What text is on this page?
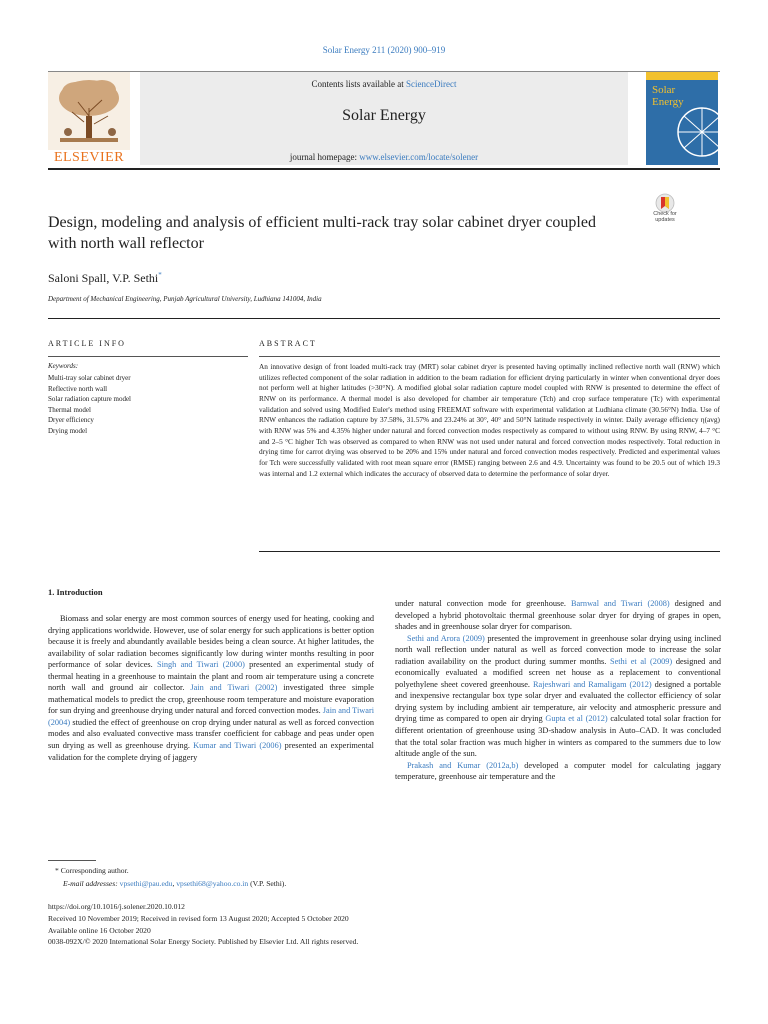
Solar Energy 211 (2020) 900–919
ELSEVIER
Contents lists available at ScienceDirect
Solar Energy
journal homepage: www.elsevier.com/locate/solener
Solar
Energy
Check for
updates
Design, modeling and analysis of efficient multi-rack tray solar cabinet dryer coupled with north wall reflector
Saloni Spall, V.P. Sethi*
Department of Mechanical Engineering, Punjab Agricultural University, Ludhiana 141004, India
ARTICLE INFO	ABSTRACT
Keywords:
Multi-tray solar cabinet dryer
Reflective north wall
Solar radiation capture model
Thermal model
Dryer efficiency
Drying model
An innovative design of front loaded multi-rack tray (MRT) solar cabinet dryer is presented having optimally inclined reflective north wall (RNW) which utilizes reflected component of the solar radiation in addition to the beam radiation for efficient drying particularly in winter when conventional dryer does not perform well at higher latitudes (>30°N). A modified global solar radiation capture model coupled with RNW is presented to determine the effect of RNW on its performance. A thermal model is also developed for chamber air temperature (Tch) and crop surface temperature (Tc) with experimental validation and solved using Modified Euler's method using FREEMAT software with experimental validation at Ludhiana climate (30.56°N) India. Use of RNW enhances the radiation capture by 37.58%, 31.57% and 23.24% at 30°, 40° and 50°N latitude respectively in winter. Daily average efficiency η(avg) with RNW was 5% and 4.35% higher under natural and forced convection modes respectively as compared to without using RNW. By using RNW, 4–7 °C and 2–5 °C higher Tch was observed as compared to when RNW was not used under natural and forced convection modes respectively. Total reduction in drying time for carrot drying was observed to be 20% and 15% under natural and forced convection modes respectively. Predicted and experimental values for Tch were successfully validated with root mean square error (RMSE) ranging between 2.6 and 4.9. Uncertainty was found to be 20.5 out of which 19.3 was internal and 1.2 external which indicates the accuracy of observed data to determine the performance of solar dryer.
1. Introduction

Biomass and solar energy are most common sources of energy used for heating, cooking and drying applications worldwide. However, use of solar energy for such applications is better option because it is freely and abundantly available besides being a clean source. At higher latitudes, the availability of solar radiation becomes significantly low during winter months resulting in poor performance of solar devices. Singh and Tiwari (2000) presented an experimental study of thermal heating in a greenhouse to maintain the plant and room air temperature using a concrete north wall and ground air collector. Jain and Tiwari (2002) investigated three simple mathematical models to predict the crop, greenhouse room temperature and moisture evaporation for sun drying and greenhouse drying under natural and forced convection modes. Jain and Tiwari (2004) studied the effect of greenhouse on crop drying under natural as well as forced convection modes and also evaluated convective mass transfer coefficient for cabbage and peas under open sun drying as well as greenhouse drying. Kumar and Tiwari (2006) presented an experimental validation for the complete drying of jaggery

under natural convection mode for greenhouse. Barnwal and Tiwari (2008) designed and developed a hybrid photovoltaic thermal greenhouse solar dryer for drying of grapes in open, shades and in greenhouse solar dryer for comparison.

Sethi and Arora (2009) presented the improvement in greenhouse solar drying using inclined north wall reflection under natural as well as forced convection mode to increase the solar radiation availability on the product during summer months. Sethi et al (2009) designed and economically evaluated a modified screen net house as a replacement to conventional polyethylene sheet covered greenhouse. Rajeshwari and Ramaligam (2012) designed a portable and inexpensive rectangular box type solar dryer and evaluated the collector efficiency of solar drying system by including ambient air temperature, air velocity and atmospheric pressure and drying time as compared to open air drying Gupta et al (2012) calculated total solar fraction for different orientation of greenhouse using 3D-shadow analysis in Auto–CAD. It was concluded that the total solar fraction was much higher in winters as compared to the summers due to low altitude angle of the sun.

Prakash and Kumar (2012a,b) developed a computer model for calculating jaggary temperature, greenhouse air temperature and the

* Corresponding author.
E-mail addresses: vpsethi@pau.edu, vpsethi68@yahoo.co.in (V.P. Sethi).
https://doi.org/10.1016/j.solener.2020.10.012
Received 10 November 2019; Received in revised form 13 August 2020; Accepted 5 October 2020
Available online 16 October 2020
0038-092X/© 2020 International Solar Energy Society. Published by Elsevier Ltd. All rights reserved.
